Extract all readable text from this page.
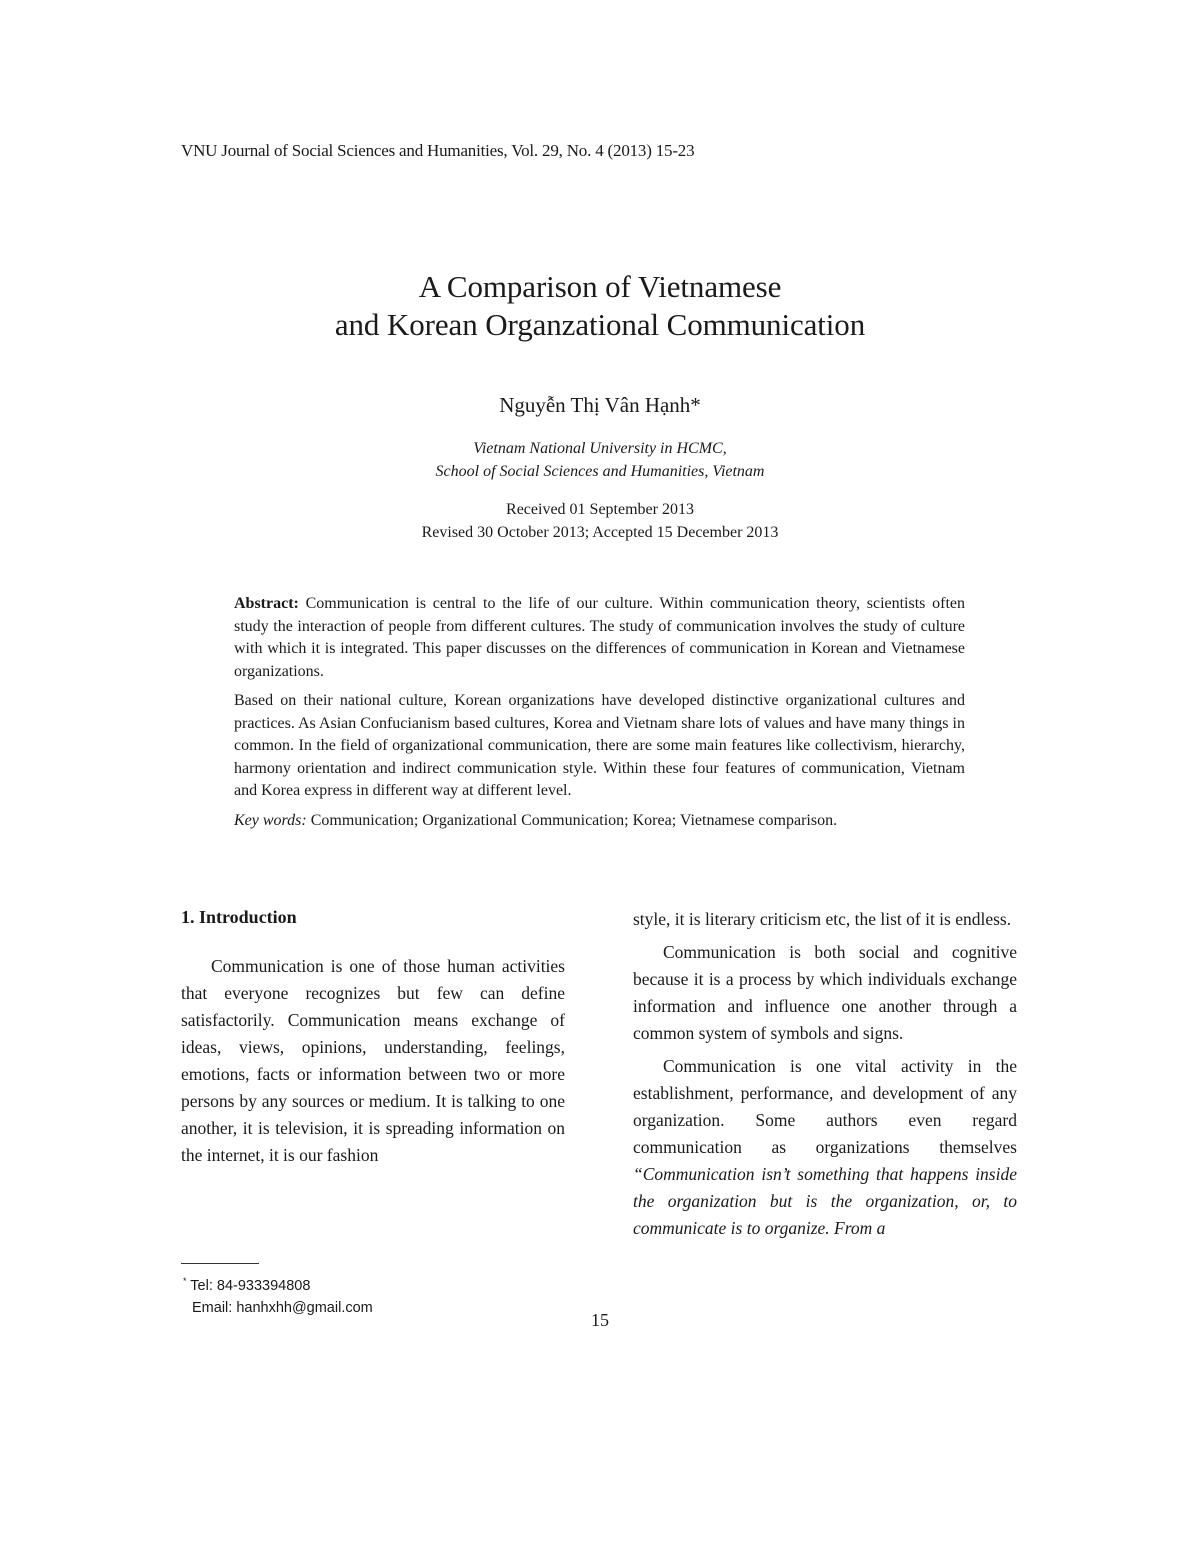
VNU Journal of Social Sciences and Humanities, Vol. 29, No. 4 (2013) 15-23
A Comparison of Vietnamese
and Korean Organzational Communication
Nguyễn Thị Vân Hạnh*
Vietnam National University in HCMC,
School of Social Sciences and Humanities, Vietnam
Received 01 September 2013
Revised 30 October 2013; Accepted 15 December 2013

Abstract: Communication is central to the life of our culture. Within communication theory, scientists often study the interaction of people from different cultures. The study of communication involves the study of culture with which it is integrated. This paper discusses on the differences of communication in Korean and Vietnamese organizations.

Based on their national culture, Korean organizations have developed distinctive organizational cultures and practices. As Asian Confucianism based cultures, Korea and Vietnam share lots of values and have many things in common. In the field of organizational communication, there are some main features like collectivism, hierarchy, harmony orientation and indirect communication style. Within these four features of communication, Vietnam and Korea express in different way at different level.

Key words: Communication; Organizational Communication; Korea; Vietnamese comparison.

1. Introduction

Communication is one of those human activities that everyone recognizes but few can define satisfactorily. Communication means exchange of ideas, views, opinions, understanding, feelings, emotions, facts or information between two or more persons by any sources or medium. It is talking to one another, it is television, it is spreading information on the internet, it is our fashion

style, it is literary criticism etc, the list of it is endless.

Communication is both social and cognitive because it is a process by which individuals exchange information and influence one another through a common system of symbols and signs.

Communication is one vital activity in the establishment, performance, and development of any organization. Some authors even regard communication as organizations themselves “Communication isn’t something that happens inside the organization but is the organization, or, to communicate is to organize. From a

* Tel: 84-933394808
Email: hanhxhh@gmail.com
15
